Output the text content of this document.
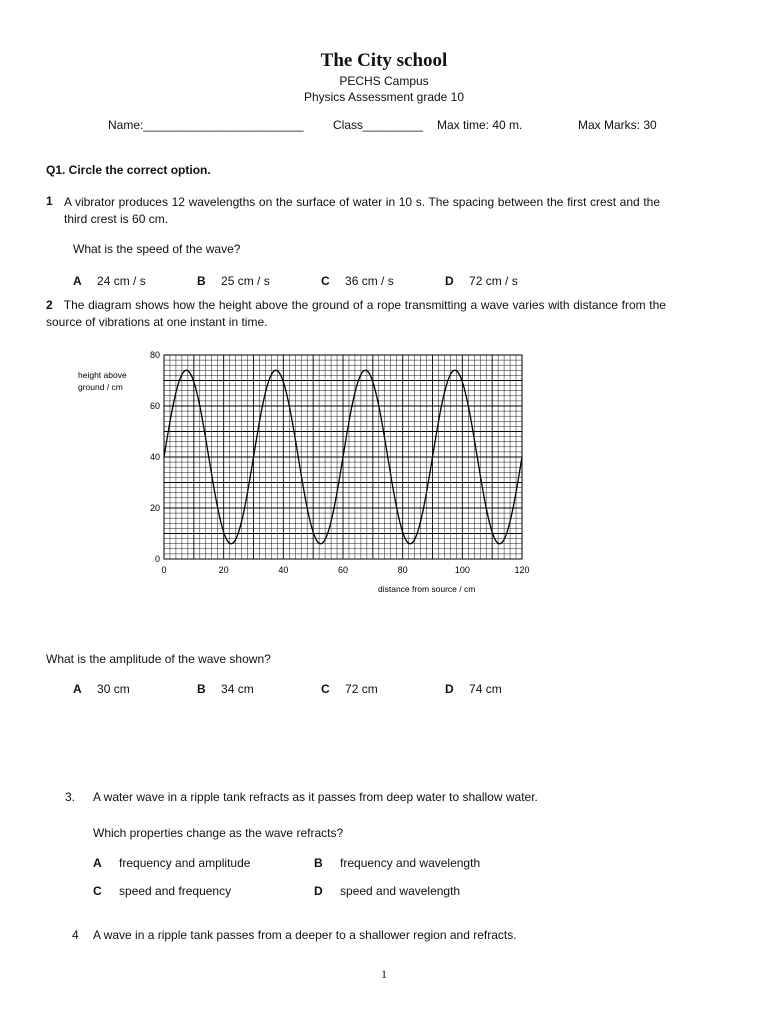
The City school
PECHS Campus
Physics Assessment grade 10
Name:________________________ Class_________ Max time: 40 m.	Max Marks: 30
Q1. Circle the correct option.
1 A vibrator produces 12 wavelengths on the surface of water in 10 s. The spacing between the first crest and the third crest is 60 cm.
What is the speed of the wave?
A 24 cm / s	B 25 cm / s	C 36 cm / s	D 72 cm / s
2 The diagram shows how the height above the ground of a rope transmitting a wave varies with distance from the source of vibrations at one instant in time.
0	20	40	60	80	100	120
0
20
40
60
80
height above
ground / cm
distance from source / cm
What is the amplitude of the wave shown?
A 30 cm	B 34 cm	C 72 cm	D 74 cm
3. A water wave in a ripple tank refracts as it passes from deep water to shallow water.
Which properties change as the wave refracts?
A frequency and amplitude	B frequency and wavelength
C speed and frequency	D speed and wavelength
4 A wave in a ripple tank passes from a deeper to a shallower region and refracts.
1
